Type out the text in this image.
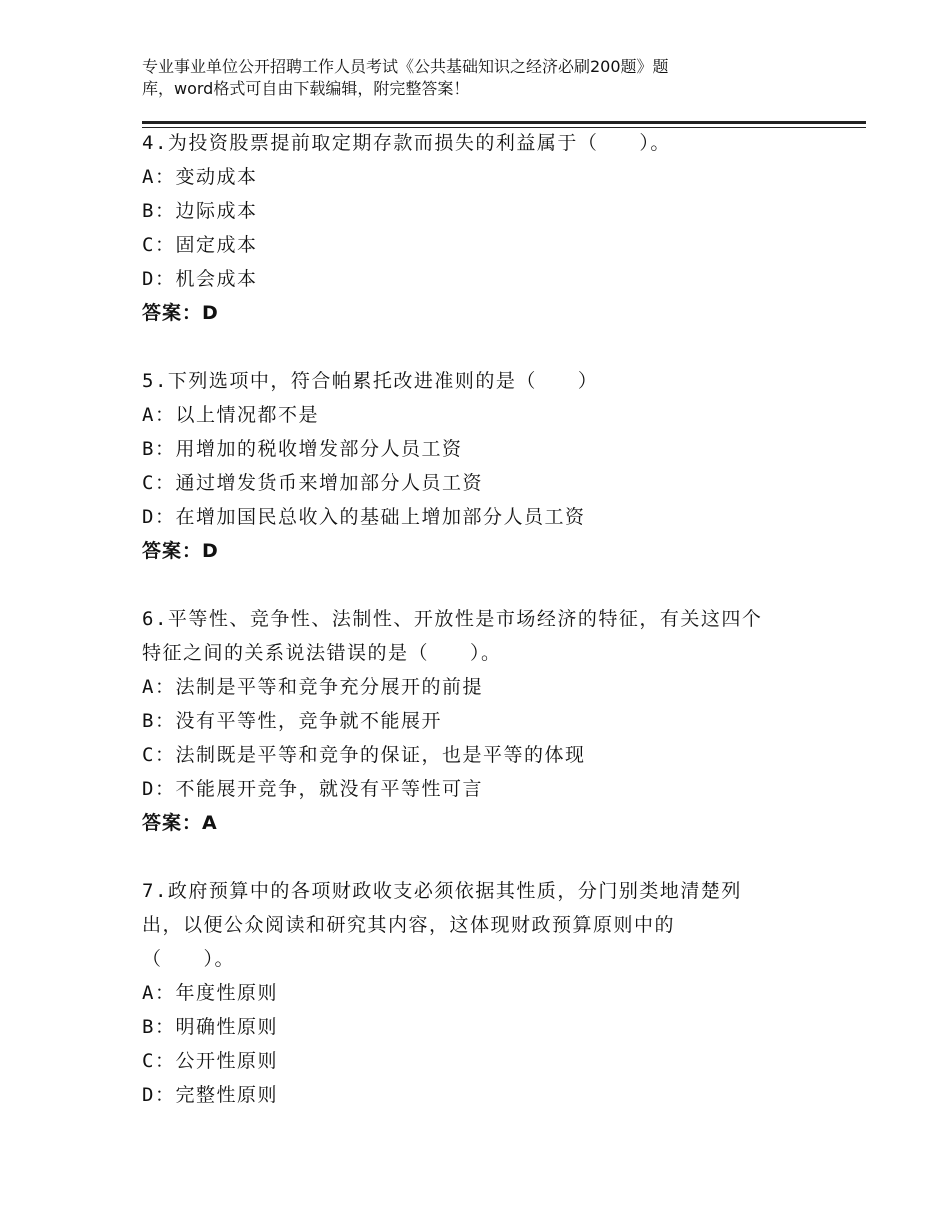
专业事业单位公开招聘工作人员考试《公共基础知识之经济必刷200题》题
库，word格式可自由下载编辑，附完整答案！
4.为投资股票提前取定期存款而损失的利益属于（　　）。
A：变动成本
B：边际成本
C：固定成本
D：机会成本
答案：D
5.下列选项中，符合帕累托改进准则的是（　　）
A：以上情况都不是
B：用增加的税收增发部分人员工资
C：通过增发货币来增加部分人员工资
D：在增加国民总收入的基础上增加部分人员工资
答案：D
6.平等性、竞争性、法制性、开放性是市场经济的特征，有关这四个
特征之间的关系说法错误的是（　　）。
A：法制是平等和竞争充分展开的前提
B：没有平等性，竞争就不能展开
C：法制既是平等和竞争的保证，也是平等的体现
D：不能展开竞争，就没有平等性可言
答案：A
7.政府预算中的各项财政收支必须依据其性质，分门别类地清楚列
出，以便公众阅读和研究其内容，这体现财政预算原则中的
（　　）。
A：年度性原则
B：明确性原则
C：公开性原则
D：完整性原则
